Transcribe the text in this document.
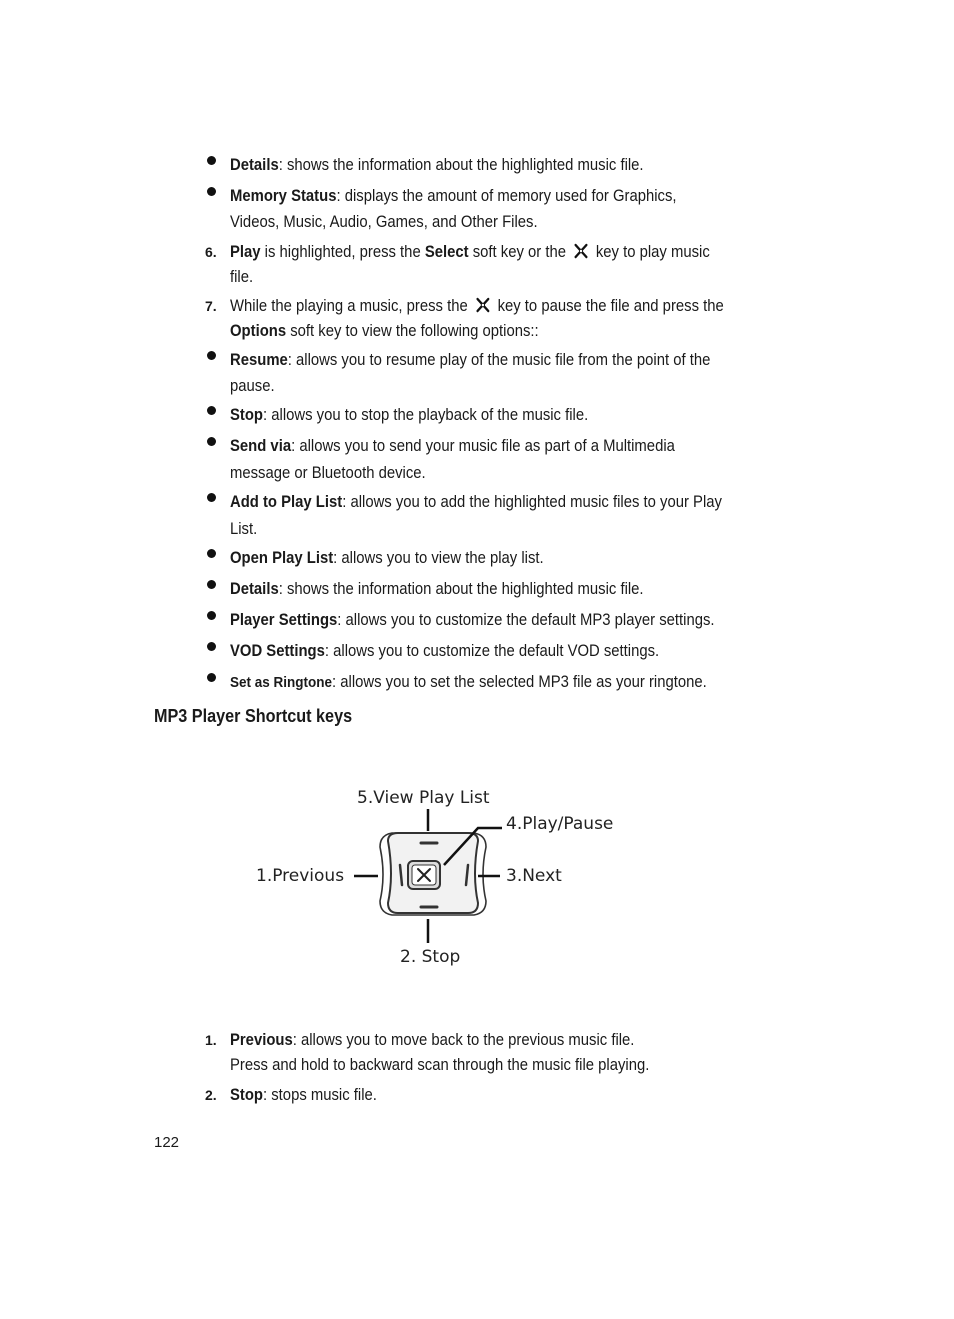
Details: shows the information about the highlighted music file.
Memory Status: displays the amount of memory used for Graphics,
Videos, Music, Audio, Games, and Other Files.
6. Play is highlighted, press the Select soft key or the  key to play music
file.
7. While the playing a music, press the  key to pause the file and press the
Options soft key to view the following options::
Resume: allows you to resume play of the music file from the point of the
pause.
Stop: allows you to stop the playback of the music file.
Send via: allows you to send your music file as part of a Multimedia
message or Bluetooth device.
Add to Play List: allows you to add the highlighted music files to your Play
List.
Open Play List: allows you to view the play list.
Details: shows the information about the highlighted music file.
Player Settings: allows you to customize the default MP3 player settings.
VOD Settings: allows you to customize the default VOD settings.
Set as Ringtone: allows you to set the selected MP3 file as your ringtone.
MP3 Player Shortcut keys
5.View Play List
4.Play/Pause
1.Previous	3.Next
2. Stop
1. Previous: allows you to move back to the previous music file.
Press and hold to backward scan through the music file playing.
2. Stop: stops music file.
122
